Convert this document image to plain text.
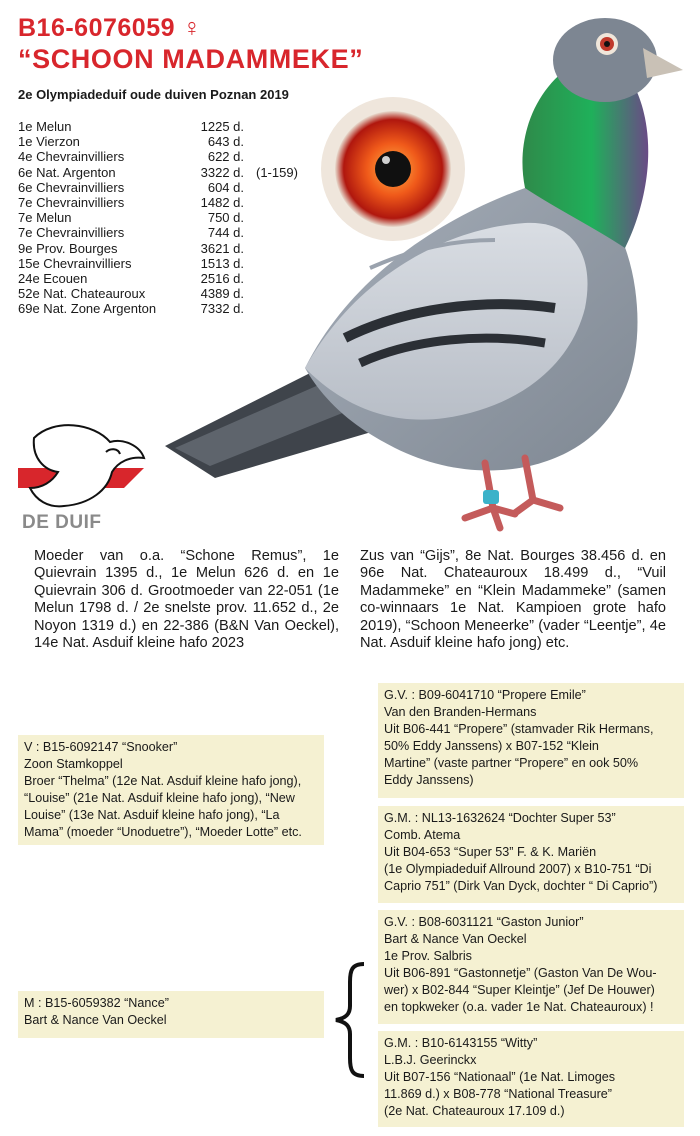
B16-6076059 ♀
“SCHOON MADAMMEKE”
2e Olympiadeduif oude duiven Poznan 2019
1e Melun	1225 d.
1e Vierzon	643 d.
4e Chevrainvilliers	622 d.
6e Nat. Argenton	3322 d. (1-159)
6e Chevrainvilliers	604 d.
7e Chevrainvilliers	1482 d.
7e Melun	750 d.
7e Chevrainvilliers	744 d.
9e Prov. Bourges	3621 d.
15e Chevrainvilliers	1513 d.
24e Ecouen	2516 d.
52e Nat. Chateauroux	4389 d.
69e Nat. Zone Argenton	7332 d.
DE DUIF

Moeder van o.a. “Schone Remus”, 1e Quievrain 1395 d., 1e Melun 626 d. en 1e Quievrain 306 d. Grootmoeder van 22-051 (1e Melun 1798 d. / 2e snelste prov. 11.652 d., 2e Noyon 1319 d.) en 22-386 (B&N Van Oeckel), 14e Nat. Asduif kleine hafo 2023

Zus van “Gijs”, 8e Nat. Bourges 38.456 d. en 96e Nat. Chateauroux 18.499 d., “Vuil Madammeke” en “Klein Madammeke” (samen co-winnaars 1e Nat. Kampioen grote hafo 2019), “Schoon Meneerke” (vader “Leentje”, 4e Nat. Asduif kleine hafo jong) etc.

G.V. : B09-6041710 “Propere Emile”
Van den Branden-Hermans
Uit B06-441 “Propere” (stamvader Rik Hermans,
50% Eddy Janssens) x B07-152 “Klein
Martine” (vaste partner “Propere” en ook 50%
Eddy Janssens)
V : B15-6092147 “Snooker”
Zoon Stamkoppel
Broer “Thelma” (12e Nat. Asduif kleine hafo jong),
“Louise” (21e Nat. Asduif kleine hafo jong), “New
Louise” (13e Nat. Asduif kleine hafo jong), “La
Mama” (moeder “Unoduetre”), “Moeder Lotte” etc.
G.M. : NL13-1632624 “Dochter Super 53”
Comb. Atema
Uit B04-653 “Super 53” F. & K. Mariën
(1e Olympiadeduif Allround 2007) x B10-751 “Di
Caprio 751” (Dirk Van Dyck, dochter “ Di Caprio”)
G.V. : B08-6031121 “Gaston Junior”
Bart & Nance Van Oeckel
1e Prov. Salbris
Uit B06-891 “Gastonnetje” (Gaston Van De Wou-
wer) x B02-844 “Super Kleintje” (Jef De Houwer)
en topkweker (o.a. vader 1e Nat. Chateauroux) !
M : B15-6059382 “Nance”
Bart & Nance Van Oeckel
G.M. : B10-6143155 “Witty”
L.B.J. Geerinckx
Uit B07-156 “Nationaal” (1e Nat. Limoges
11.869 d.) x B08-778 “National Treasure”
(2e Nat. Chateauroux 17.109 d.)
